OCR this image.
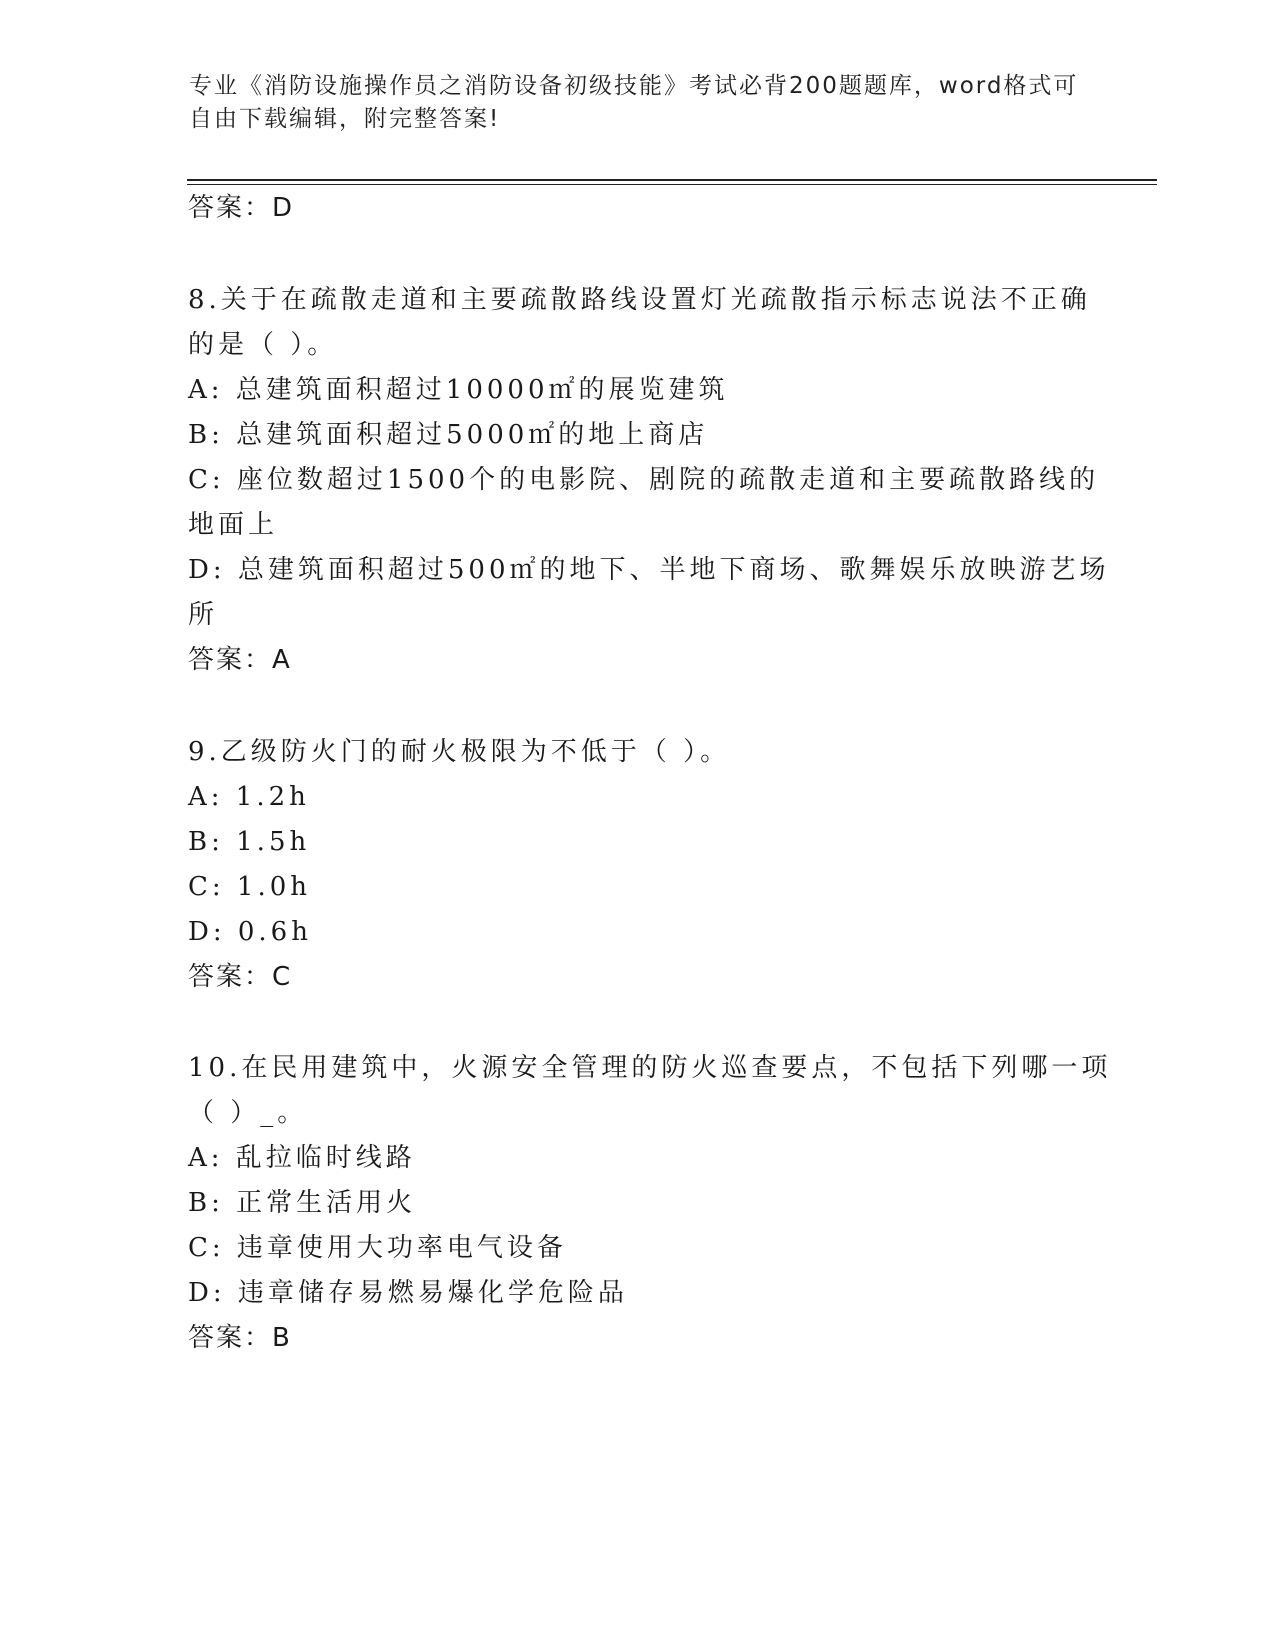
专业《消防设施操作员之消防设备初级技能》考试必背200题题库，word格式可
自由下载编辑，附完整答案!
答案：D
8.关于在疏散走道和主要疏散路线设置灯光疏散指示标志说法不正确
的是（ ）。
A: 总建筑面积超过10000㎡的展览建筑
B: 总建筑面积超过5000㎡的地上商店
C: 座位数超过1500个的电影院、剧院的疏散走道和主要疏散路线的
地面上
D: 总建筑面积超过500㎡的地下、半地下商场、歌舞娱乐放映游艺场
所
答案：A
9.乙级防火门的耐火极限为不低于（ ）。
A: 1.2h
B: 1.5h
C: 1.0h
D: 0.6h
答案：C
10.在民用建筑中，火源安全管理的防火巡查要点，不包括下列哪一项
（ ）_。
A: 乱拉临时线路
B: 正常生活用火
C: 违章使用大功率电气设备
D: 违章储存易燃易爆化学危险品
答案：B
